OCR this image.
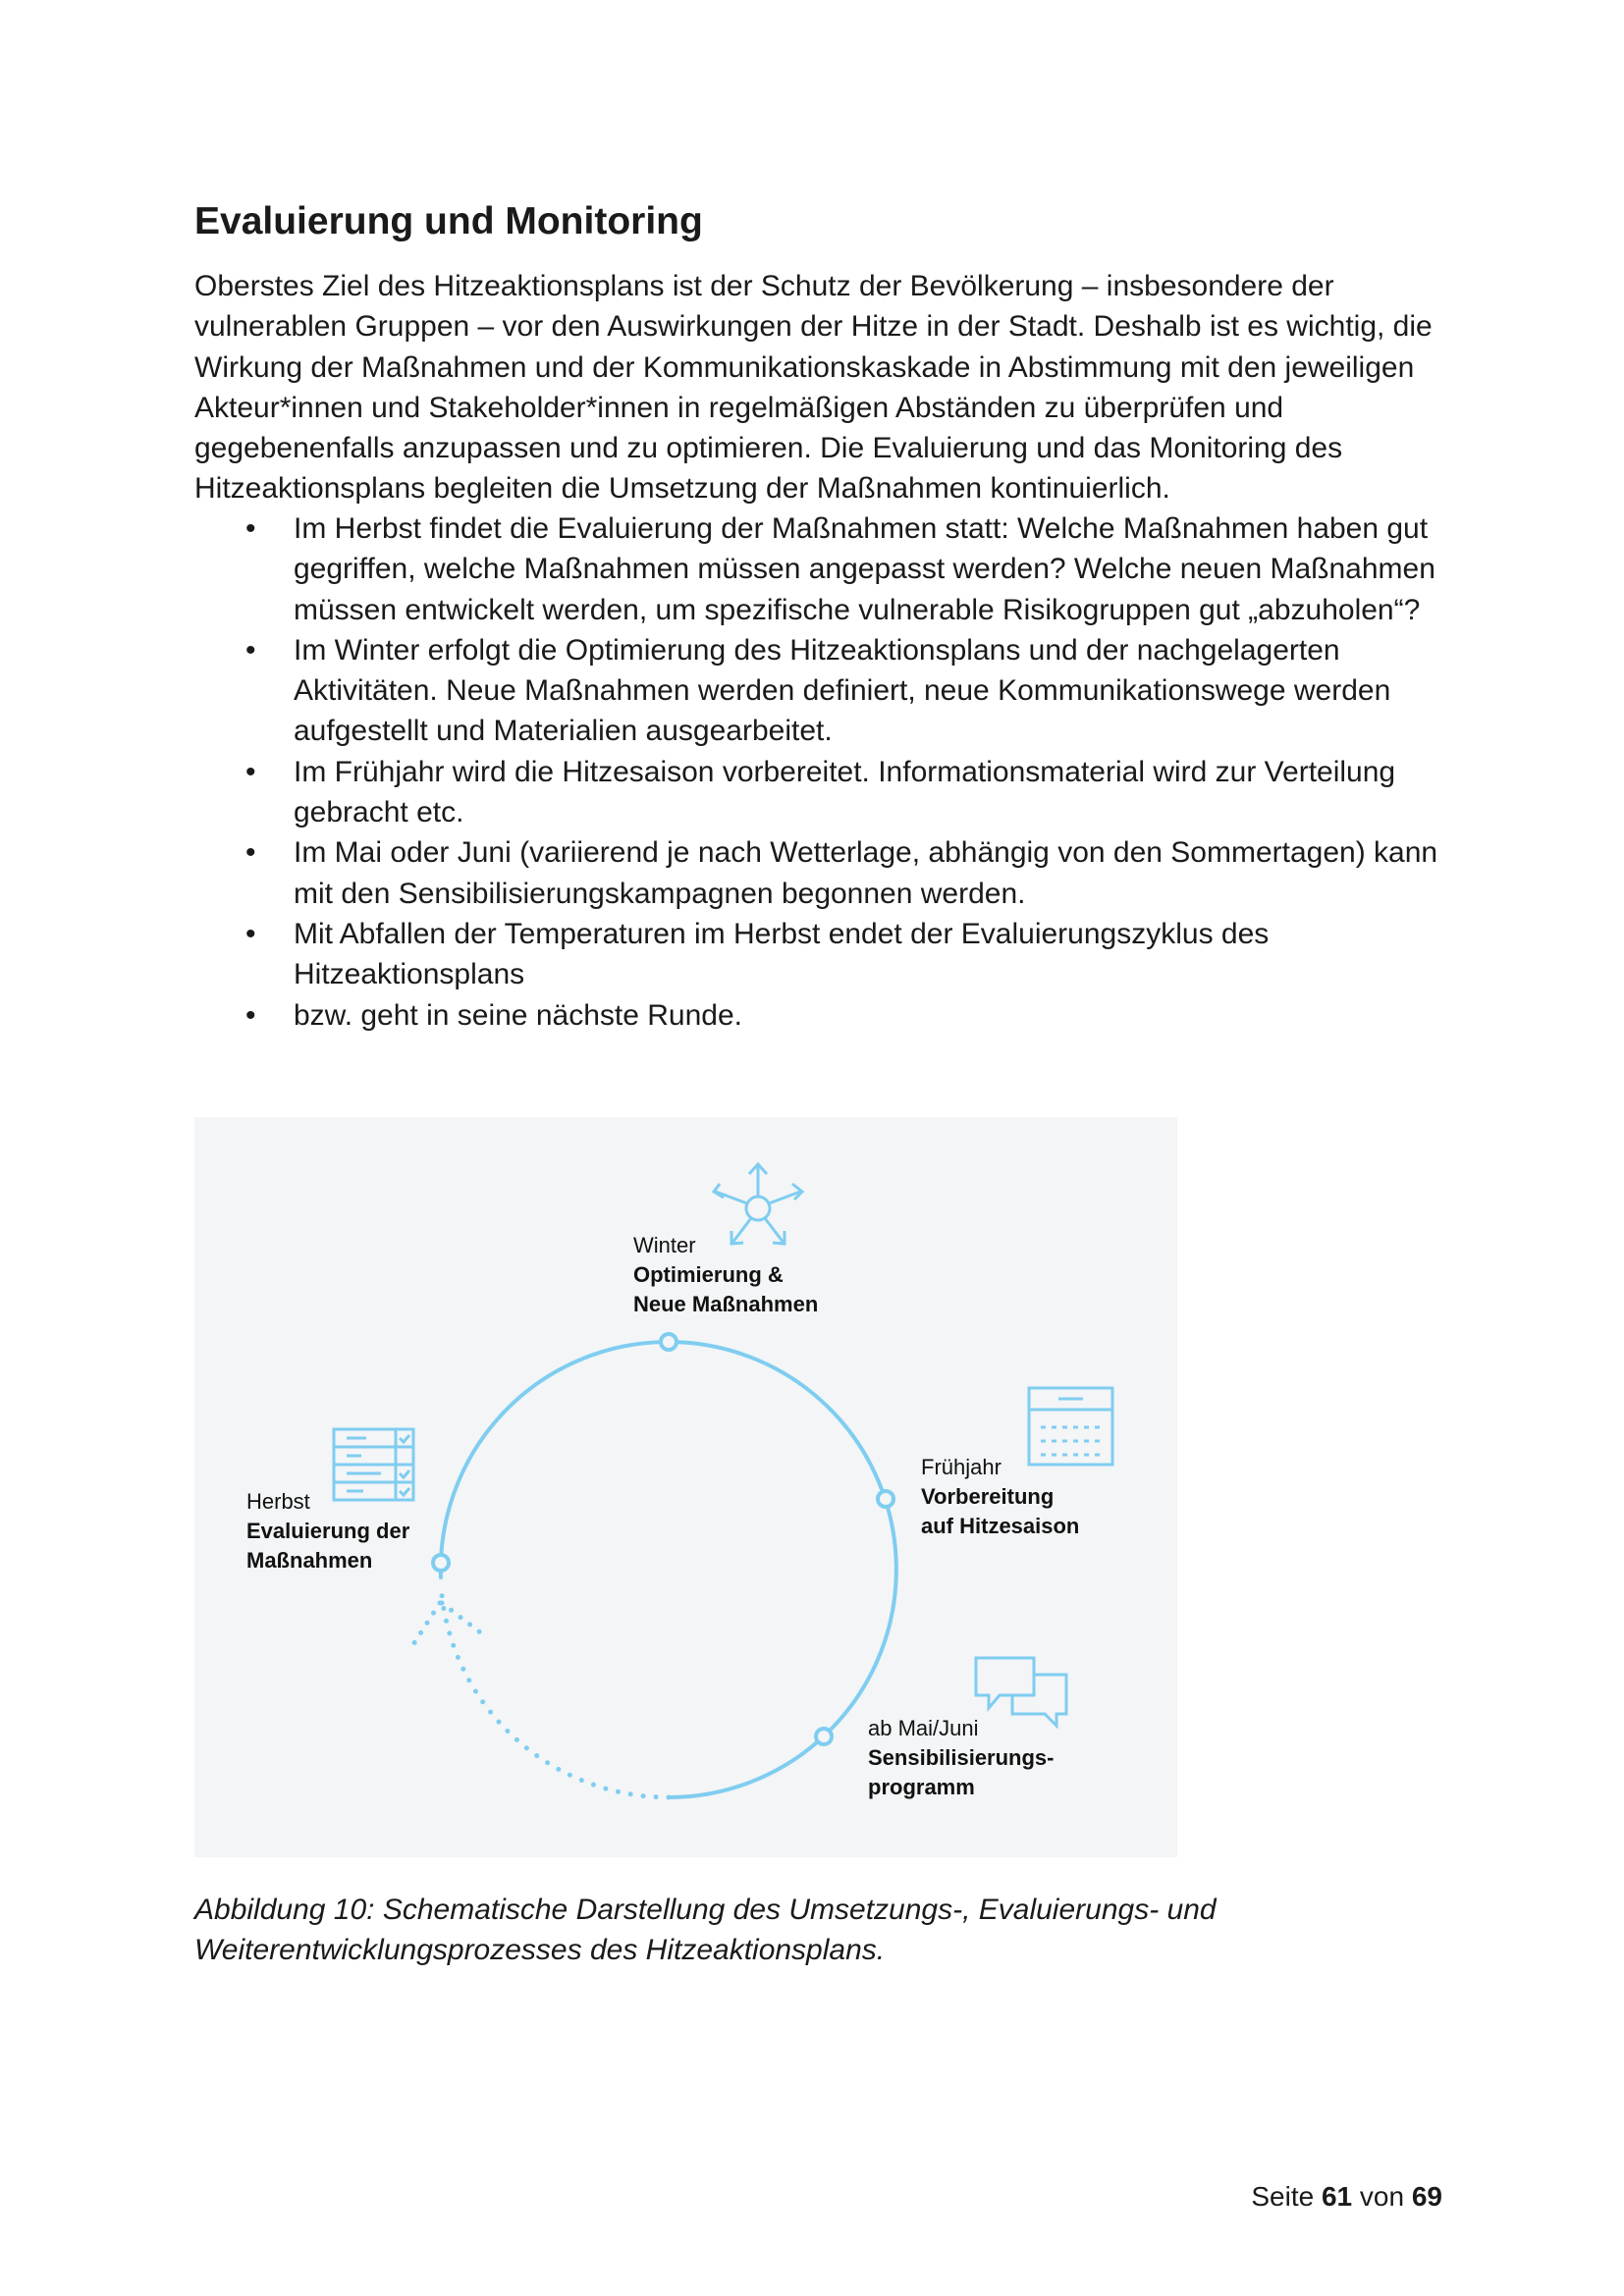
Evaluierung und Monitoring

Oberstes Ziel des Hitzeaktionsplans ist der Schutz der Bevölkerung – insbesondere der vulnerablen Gruppen – vor den Auswirkungen der Hitze in der Stadt. Deshalb ist es wichtig, die Wirkung der Maßnahmen und der Kommunikationskaskade in Abstimmung mit den jeweiligen Akteur*innen und Stakeholder*innen in regelmäßigen Abständen zu überprüfen und gegebenenfalls anzupassen und zu optimieren. Die Evaluierung und das Monitoring des Hitzeaktionsplans begleiten die Umsetzung der Maßnahmen kontinuierlich.

• Im Herbst findet die Evaluierung der Maßnahmen statt: Welche Maßnahmen haben gut gegriffen, welche Maßnahmen müssen angepasst werden? Welche neuen Maßnahmen müssen entwickelt werden, um spezifische vulnerable Risikogruppen gut „abzuholen“?
• Im Winter erfolgt die Optimierung des Hitzeaktionsplans und der nachgelagerten Aktivitäten. Neue Maßnahmen werden definiert, neue Kommunikationswege werden aufgestellt und Materialien ausgearbeitet.
• Im Frühjahr wird die Hitzesaison vorbereitet. Informationsmaterial wird zur Verteilung gebracht etc.
• Im Mai oder Juni (variierend je nach Wetterlage, abhängig von den Sommertagen) kann mit den Sensibilisierungskampagnen begonnen werden.
• Mit Abfallen der Temperaturen im Herbst endet der Evaluierungszyklus des Hitzeaktionsplans
• bzw. geht in seine nächste Runde.
Winter
Optimierung &
Neue Maßnahmen
Frühjahr
Vorbereitung
auf Hitzesaison
ab Mai/Juni
Sensibilisierungs-
programm
Herbst
Evaluierung der
Maßnahmen
Abbildung 10: Schematische Darstellung des Umsetzungs-, Evaluierungs- und Weiterentwicklungsprozesses des Hitzeaktionsplans.
Seite 61 von 69
